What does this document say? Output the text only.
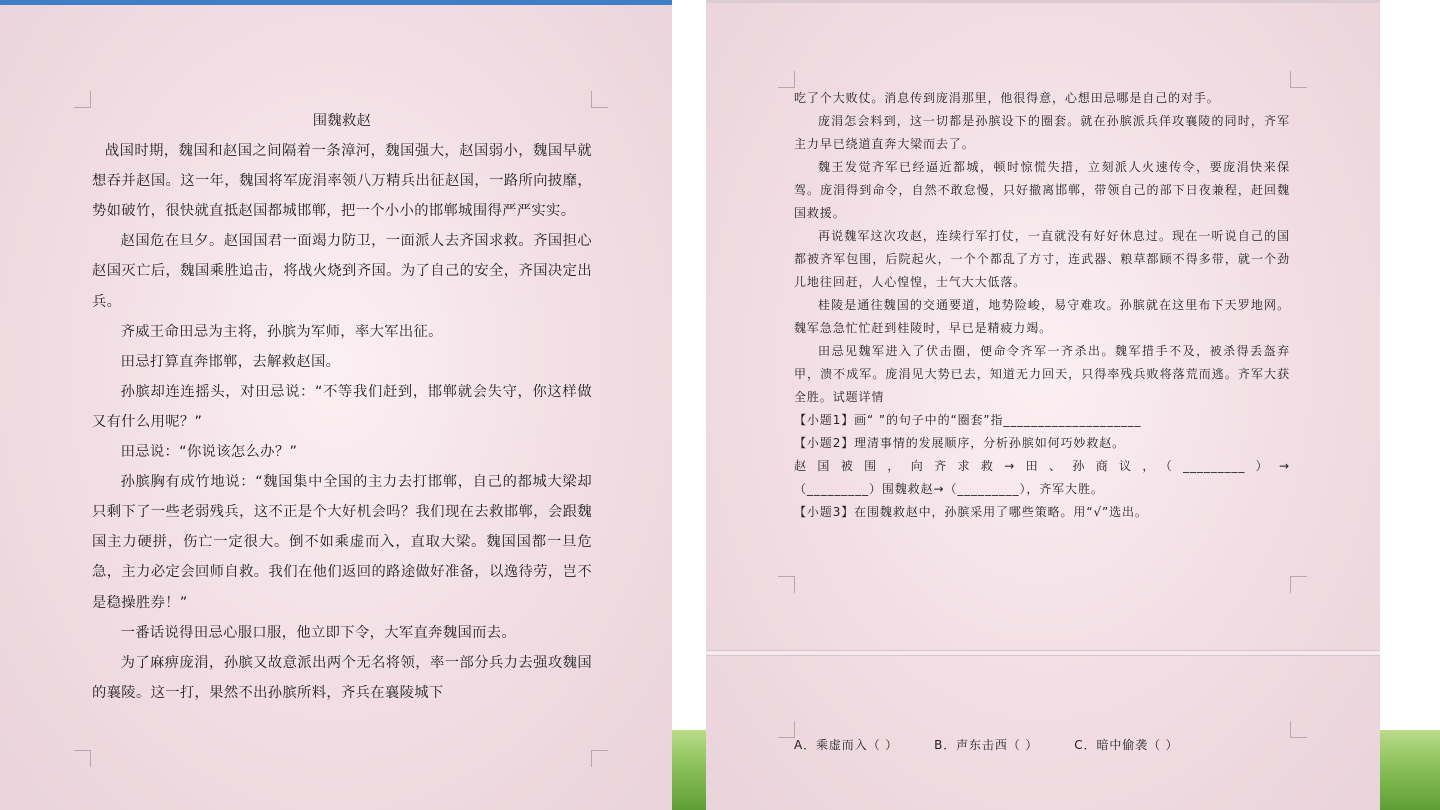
围魏救赵

战国时期，魏国和赵国之间隔着一条漳河，魏国强大，赵国弱小，魏国早就想吞并赵国。这一年，魏国将军庞涓率领八万精兵出征赵国，一路所向披靡，势如破竹，很快就直抵赵国都城邯郸，把一个小小的邯郸城围得严严实实。

赵国危在旦夕。赵国国君一面竭力防卫，一面派人去齐国求救。齐国担心赵国灭亡后，魏国乘胜追击，将战火烧到齐国。为了自己的安全，齐国决定出兵。

齐威王命田忌为主将，孙膑为军师，率大军出征。

田忌打算直奔邯郸，去解救赵国。

孙膑却连连摇头，对田忌说：“不等我们赶到，邯郸就会失守，你这样做又有什么用呢？”

田忌说：“你说该怎么办？”

孙膑胸有成竹地说：“魏国集中全国的主力去打邯郸，自己的都城大梁却只剩下了一些老弱残兵，这不正是个大好机会吗？我们现在去救邯郸，会跟魏国主力硬拼，伤亡一定很大。倒不如乘虚而入，直取大梁。魏国国都一旦危急，主力必定会回师自救。我们在他们返回的路途做好准备，以逸待劳，岂不是稳操胜券！”

一番话说得田忌心服口服，他立即下令，大军直奔魏国而去。

为了麻痹庞涓，孙膑又故意派出两个无名将领，率一部分兵力去强攻魏国的襄陵。这一打，果然不出孙膑所料，齐兵在襄陵城下

吃了个大败仗。消息传到庞涓那里，他很得意，心想田忌哪是自己的对手。

庞涓怎会料到，这一切都是孙膑设下的圈套。就在孙膑派兵佯攻襄陵的同时，齐军主力早已绕道直奔大梁而去了。

魏王发觉齐军已经逼近都城，顿时惊慌失措，立刻派人火速传令，要庞涓快来保驾。庞涓得到命令，自然不敢怠慢，只好撤离邯郸，带领自己的部下日夜兼程，赶回魏国救援。

再说魏军这次攻赵，连续行军打仗，一直就没有好好休息过。现在一听说自己的国都被齐军包围，后院起火，一个个都乱了方寸，连武器、粮草都顾不得多带，就一个劲儿地往回赶，人心惶惶，士气大大低落。

桂陵是通往魏国的交通要道，地势险峻，易守难攻。孙膑就在这里布下天罗地网。魏军急急忙忙赶到桂陵时，早已是精疲力竭。

田忌见魏军进入了伏击圈，便命令齐军一齐杀出。魏军措手不及，被杀得丢盔弃甲，溃不成军。庞涓见大势已去，知道无力回天，只得率残兵败将落荒而逃。齐军大获全胜。试题详情

【小题1】画“ ”的句子中的“圈套”指____________________

【小题2】理清事情的发展顺序，分析孙膑如何巧妙救赵。

赵国被围，向齐求救→田、孙商议，（_________）→

（_________）围魏救赵→（_________），齐军大胜。

【小题3】在围魏救赵中，孙膑采用了哪些策略。用“√”选出。

A．乘虚而入（ ）	B．声东击西（ ）	C．暗中偷袭（ ）
